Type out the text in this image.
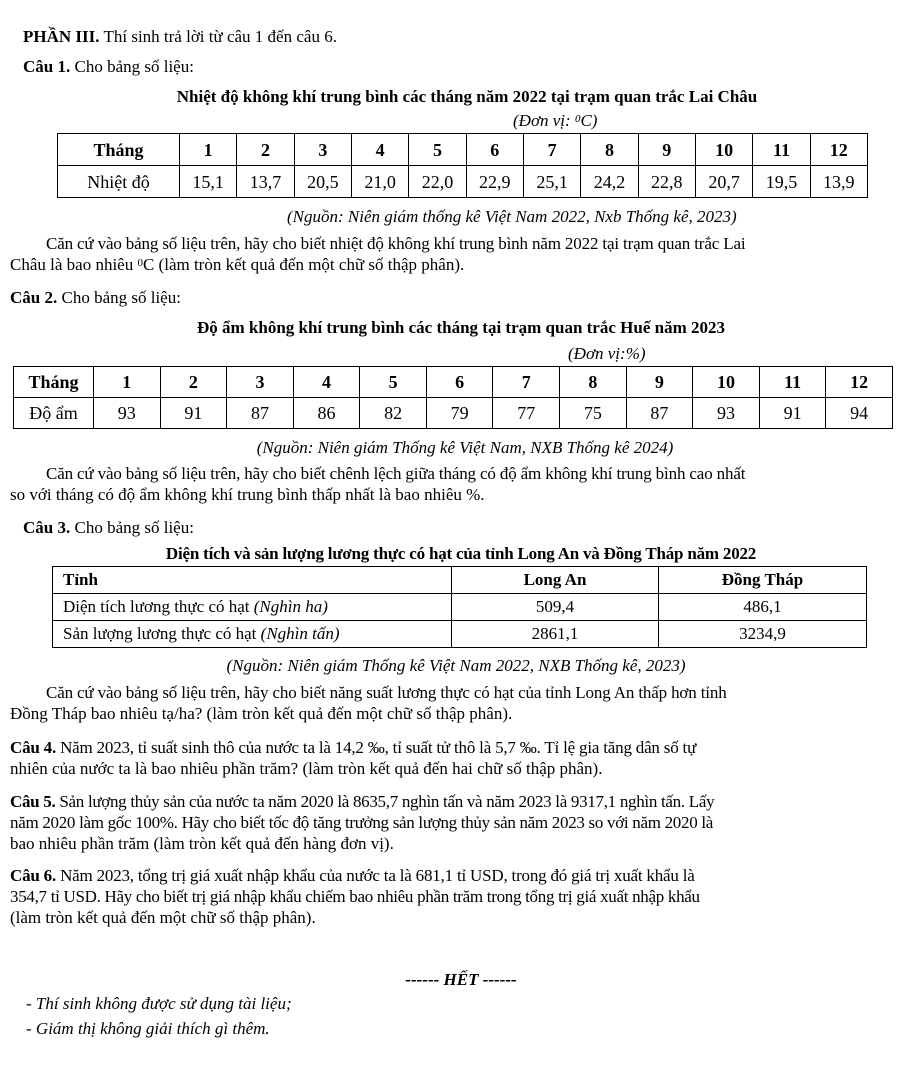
PHẦN III. Thí sinh trả lời từ câu 1 đến câu 6.
Câu 1. Cho bảng số liệu:
Nhiệt độ không khí trung bình các tháng năm 2022 tại trạm quan trắc Lai Châu
(Đơn vị: $^0$C)
Tháng	1	2	3	4	5	6	7	8	9	10	11	12
Nhiệt độ	15,1	13,7	20,5	21,0	22,0	22,9	25,1	24,2	22,8	20,7	19,5	13,9
(Nguồn: Niên giám thống kê Việt Nam 2022, Nxb Thống kê, 2023)
Căn cứ vào bảng số liệu trên, hãy cho biết nhiệt độ không khí trung bình năm 2022 tại trạm quan trắc Lai
Châu là bao nhiêu $^0$C (làm tròn kết quả đến một chữ số thập phân).
Câu 2. Cho bảng số liệu:
Độ ẩm không khí trung bình các tháng tại trạm quan trắc Huế năm 2023
(Đơn vị:%)
Tháng	1	2	3	4	5	6	7	8	9	10	11	12
Độ ẩm	93	91	87	86	82	79	77	75	87	93	91	94
(Nguồn: Niên giám Thống kê Việt Nam, NXB Thống kê 2024)
Căn cứ vào bảng số liệu trên, hãy cho biết chênh lệch giữa tháng có độ ẩm không khí trung bình cao nhất
so với tháng có độ ẩm không khí trung bình thấp nhất là bao nhiêu %.
Câu 3. Cho bảng số liệu:
Diện tích và sản lượng lương thực có hạt của tỉnh Long An và Đồng Tháp năm 2022
Tỉnh	Long An	Đồng Tháp
Diện tích lương thực có hạt (Nghìn ha)	509,4	486,1
Sản lượng lương thực có hạt (Nghìn tấn)	2861,1	3234,9
(Nguồn: Niên giám Thống kê Việt Nam 2022, NXB Thống kê, 2023)
Căn cứ vào bảng số liệu trên, hãy cho biết năng suất lương thực có hạt của tỉnh Long An thấp hơn tỉnh
Đồng Tháp bao nhiêu tạ/ha? (làm tròn kết quả đến một chữ số thập phân).
Câu 4. Năm 2023, tỉ suất sinh thô của nước ta là 14,2 ‰, tỉ suất tử thô là 5,7 ‰. Tỉ lệ gia tăng dân số tự
nhiên của nước ta là bao nhiêu phần trăm? (làm tròn kết quả đến hai chữ số thập phân).
Câu 5. Sản lượng thủy sản của nước ta năm 2020 là 8635,7 nghìn tấn và năm 2023 là 9317,1 nghìn tấn. Lấy
năm 2020 làm gốc 100%. Hãy cho biết tốc độ tăng trưởng sản lượng thủy sản năm 2023 so với năm 2020 là
bao nhiêu phần trăm (làm tròn kết quả đến hàng đơn vị).
Câu 6. Năm 2023, tổng trị giá xuất nhập khẩu của nước ta là 681,1 tỉ USD, trong đó giá trị xuất khẩu là
354,7 tỉ USD. Hãy cho biết trị giá nhập khẩu chiếm bao nhiêu phần trăm trong tổng trị giá xuất nhập khẩu
(làm tròn kết quả đến một chữ số thập phân).
------ HẾT ------
- Thí sinh không được sử dụng tài liệu;
- Giám thị không giải thích gì thêm.
